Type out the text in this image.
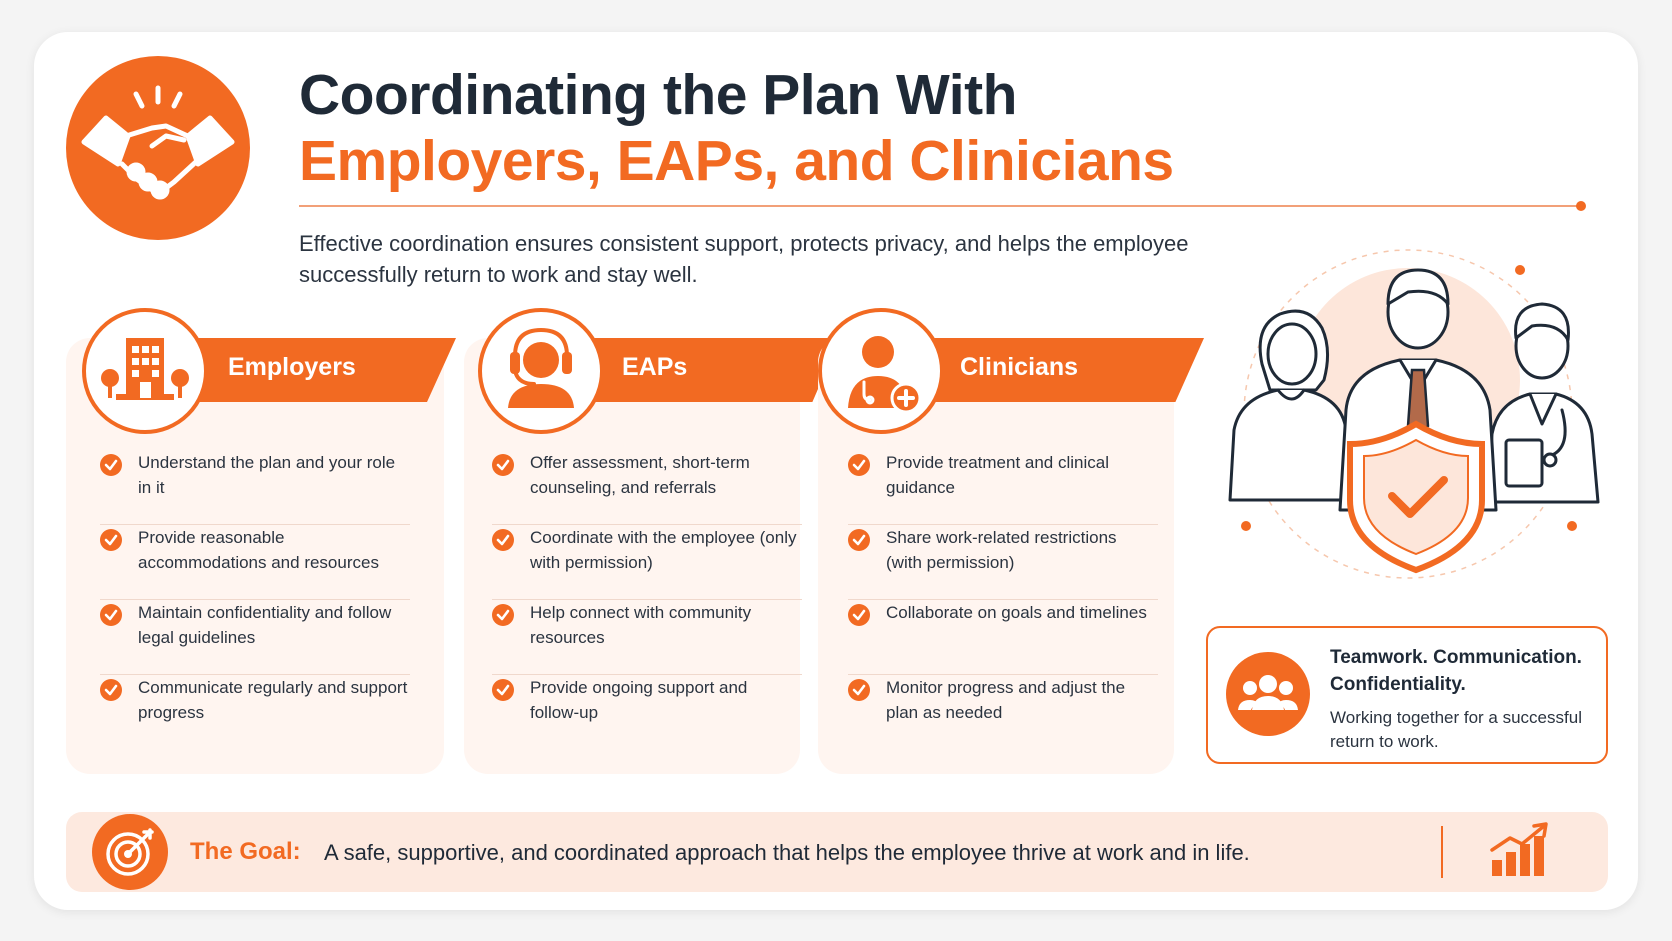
Coordinating the Plan With
Employers, EAPs, and Clinicians
Effective coordination ensures consistent support, protects privacy, and helps the employee successfully return to work and stay well.
Employers
Understand the plan and your role in it
Provide reasonable accommodations and resources
Maintain confidentiality and follow legal guidelines
Communicate regularly and support progress
EAPs
Offer assessment, short-term counseling, and referrals
Coordinate with the employee (only with permission)
Help connect with community resources
Provide ongoing support and follow-up
Clinicians
Provide treatment and clinical guidance
Share work-related restrictions (with permission)
Collaborate on goals and timelines
Monitor progress and adjust the plan as needed
Teamwork. Communication. Confidentiality.
Working together for a successful return to work.
The Goal: A safe, supportive, and coordinated approach that helps the employee thrive at work and in life.
